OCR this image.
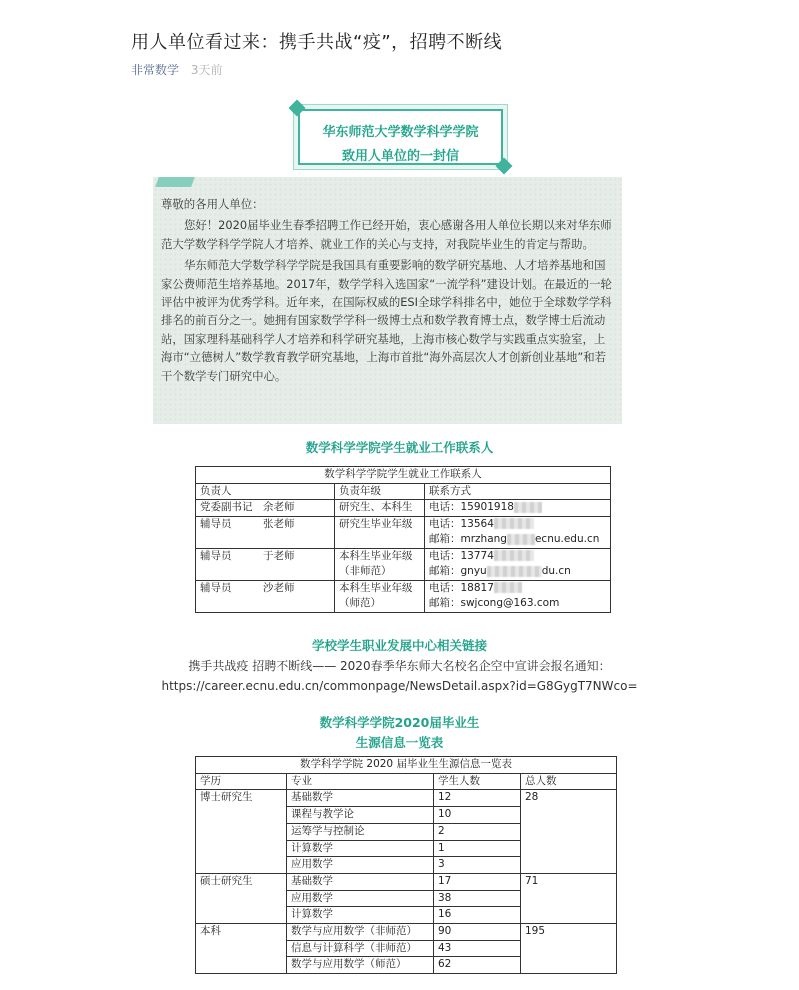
用人单位看过来：携手共战“疫”，招聘不断线
非常数学 3天前
华东师范大学数学科学学院
致用人单位的一封信

尊敬的各用人单位：

您好！2020届毕业生春季招聘工作已经开始，衷心感谢各用人单位长期以来对华东师范大学数学科学学院人才培养、就业工作的关心与支持，对我院毕业生的肯定与帮助。

华东师范大学数学科学学院是我国具有重要影响的数学研究基地、人才培养基地和国家公费师范生培养基地。2017年，数学学科入选国家“一流学科”建设计划。在最近的一轮评估中被评为优秀学科。近年来，在国际权威的ESI全球学科排名中，她位于全球数学学科排名的前百分之一。她拥有国家数学学科一级博士点和数学教育博士点，数学博士后流动站，国家理科基础科学人才培养和科学研究基地，上海市核心数学与实践重点实验室，上海市“立德树人”数学教育教学研究基地，上海市首批“海外高层次人才创新创业基地”和若干个数学专门研究中心。

数学科学学院学生就业工作联系人
数学科学学院学生就业工作联系人		
负责人	负责年级	联系方式
党委副书记　余老师	研究生、本科生	电话：15901918
辅导员　　　张老师	研究生毕业年级	电话：13564
邮箱：mrzhang ecnu.edu.cn
辅导员　　　于老师	本科生毕业年级（非师范）	电话：13774
邮箱：gnyu du.cn
辅导员　　　沙老师	本科生毕业年级（师范）	电话：18817
邮箱：swjcong@163.com
学校学生职业发展中心相关链接
携手共战疫 招聘不断线—— 2020春季华东师大名校名企空中宣讲会报名通知：
https://career.ecnu.edu.cn/commonpage/NewsDetail.aspx?id=G8GygT7NWco=
数学科学学院2020届毕业生
生源信息一览表
数学科学学院 2020 届毕业生生源信息一览表			
学历	专业	学生人数	总人数
博士研究生	基础数学	12	28
	课程与教学论	10	
	运筹学与控制论	2	
	计算数学	1	
	应用数学	3	
硕士研究生	基础数学	17	71
	应用数学	38	
	计算数学	16	
本科	数学与应用数学（非师范）	90	195
	信息与计算科学（非师范）	43	
	数学与应用数学（师范）	62	
